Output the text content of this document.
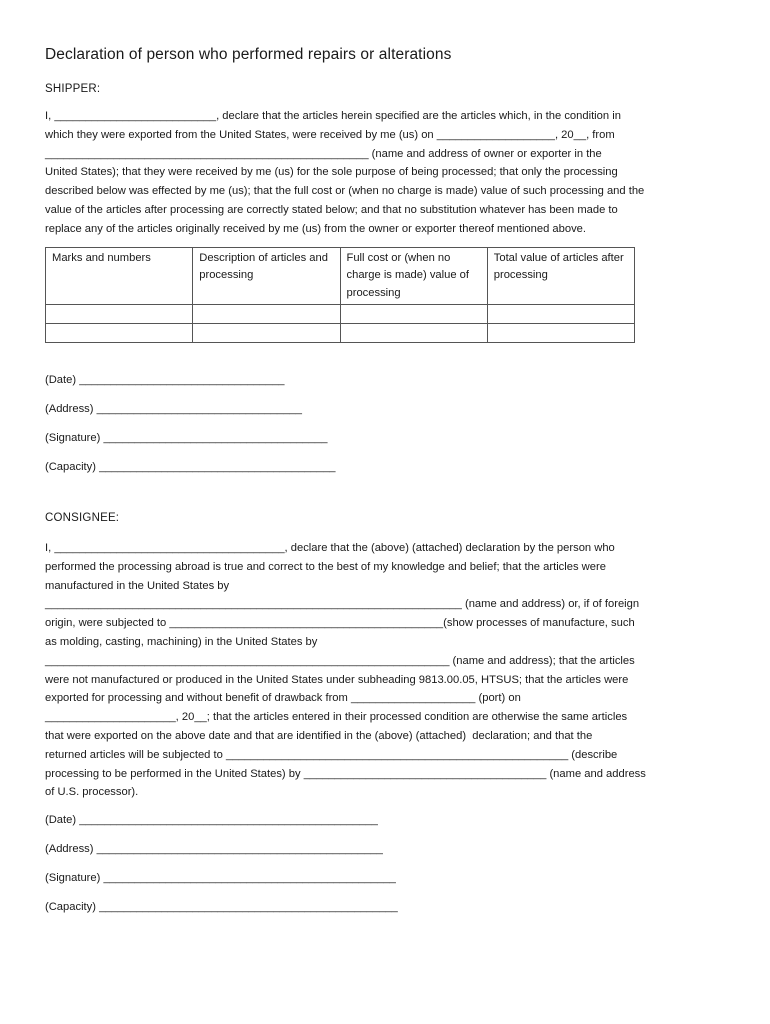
Declaration of person who performed repairs or alterations
SHIPPER:

I, __________________________, declare that the articles herein specified are the articles which, in the condition in
which they were exported from the United States, were received by me (us) on ___________________, 20__, from
____________________________________________________ (name and address of owner or exporter in the
United States); that they were received by me (us) for the sole purpose of being processed; that only the processing
described below was effected by me (us); that the full cost or (when no charge is made) value of such processing and the
value of the articles after processing are correctly stated below; and that no substitution whatever has been made to
replace any of the articles originally received by me (us) from the owner or exporter thereof mentioned above.

Marks and numbers	Description of articles and processing	Full cost or (when no charge is made) value of processing	Total value of articles after processing

(Date) _________________________________

(Address) _________________________________

(Signature) ____________________________________

(Capacity) ______________________________________

CONSIGNEE:

I, _____________________________________, declare that the (above) (attached) declaration by the person who
performed the processing abroad is true and correct to the best of my knowledge and belief; that the articles were
manufactured in the United States by
___________________________________________________________________ (name and address) or, if of foreign
origin, were subjected to ____________________________________________(show processes of manufacture, such
as molding, casting, machining) in the United States by
_________________________________________________________________ (name and address); that the articles
were not manufactured or produced in the United States under subheading 9813.00.05, HTSUS; that the articles were
exported for processing and without benefit of drawback from ____________________ (port) on
_____________________, 20__; that the articles entered in their processed condition are otherwise the same articles
that were exported on the above date and that are identified in the (above) (attached)  declaration; and that the
returned articles will be subjected to _______________________________________________________ (describe
processing to be performed in the United States) by _______________________________________ (name and address
of U.S. processor).

(Date) ________________________________________________

(Address) ______________________________________________

(Signature) _______________________________________________

(Capacity) ________________________________________________
